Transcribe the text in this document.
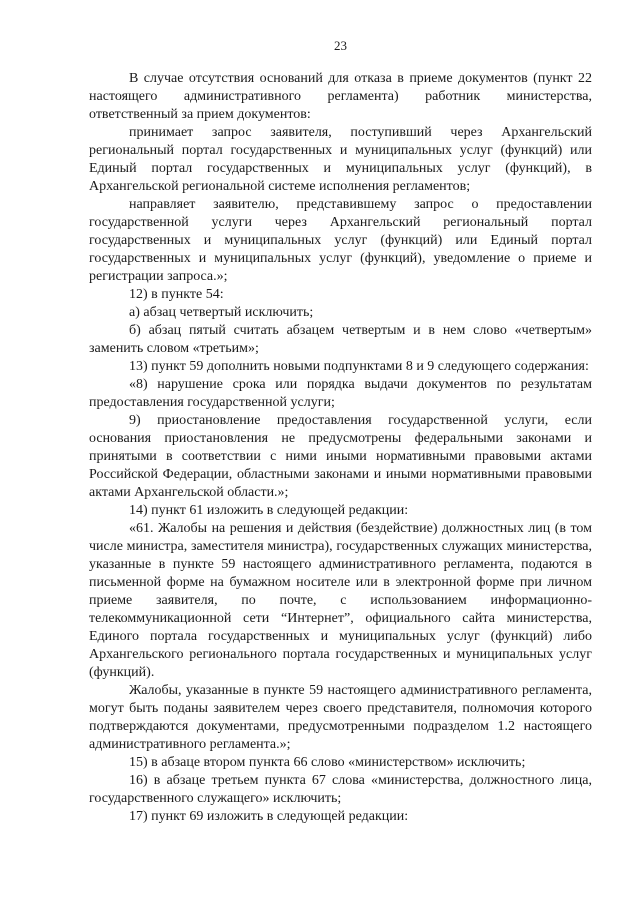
23

В случае отсутствия оснований для отказа в приеме документов (пункт 22 настоящего административного регламента) работник министерства, ответственный за прием документов:

принимает запрос заявителя, поступивший через Архангельский региональный портал государственных и муниципальных услуг (функций) или Единый портал государственных и муниципальных услуг (функций), в Архангельской региональной системе исполнения регламентов;

направляет заявителю, представившему запрос о предоставлении государственной услуги через Архангельский региональный портал государственных и муниципальных услуг (функций) или Единый портал государственных и муниципальных услуг (функций), уведомление о приеме и регистрации запроса.»;

12) в пункте 54:

а) абзац четвертый исключить;

б) абзац пятый считать абзацем четвертым и в нем слово «четвертым» заменить словом «третьим»;

13) пункт 59 дополнить новыми подпунктами 8 и 9 следующего содержания:

«8) нарушение срока или порядка выдачи документов по результатам предоставления государственной услуги;

9) приостановление предоставления государственной услуги, если основания приостановления не предусмотрены федеральными законами и принятыми в соответствии с ними иными нормативными правовыми актами Российской Федерации, областными законами и иными нормативными правовыми актами Архангельской области.»;

14) пункт 61 изложить в следующей редакции:

«61. Жалобы на решения и действия (бездействие) должностных лиц (в том числе министра, заместителя министра), государственных служащих министерства, указанные в пункте 59 настоящего административного регламента, подаются в письменной форме на бумажном носителе или в электронной форме при личном приеме заявителя, по почте, с использованием информационно-телекоммуникационной сети “Интернет”, официального сайта министерства, Единого портала государственных и муниципальных услуг (функций) либо Архангельского регионального портала государственных и муниципальных услуг (функций).

Жалобы, указанные в пункте 59 настоящего административного регламента, могут быть поданы заявителем через своего представителя, полномочия которого подтверждаются документами, предусмотренными подразделом 1.2 настоящего административного регламента.»;

15) в абзаце втором пункта 66 слово «министерством» исключить;

16) в абзаце третьем пункта 67 слова «министерства, должностного лица, государственного служащего» исключить;

17) пункт 69 изложить в следующей редакции:
